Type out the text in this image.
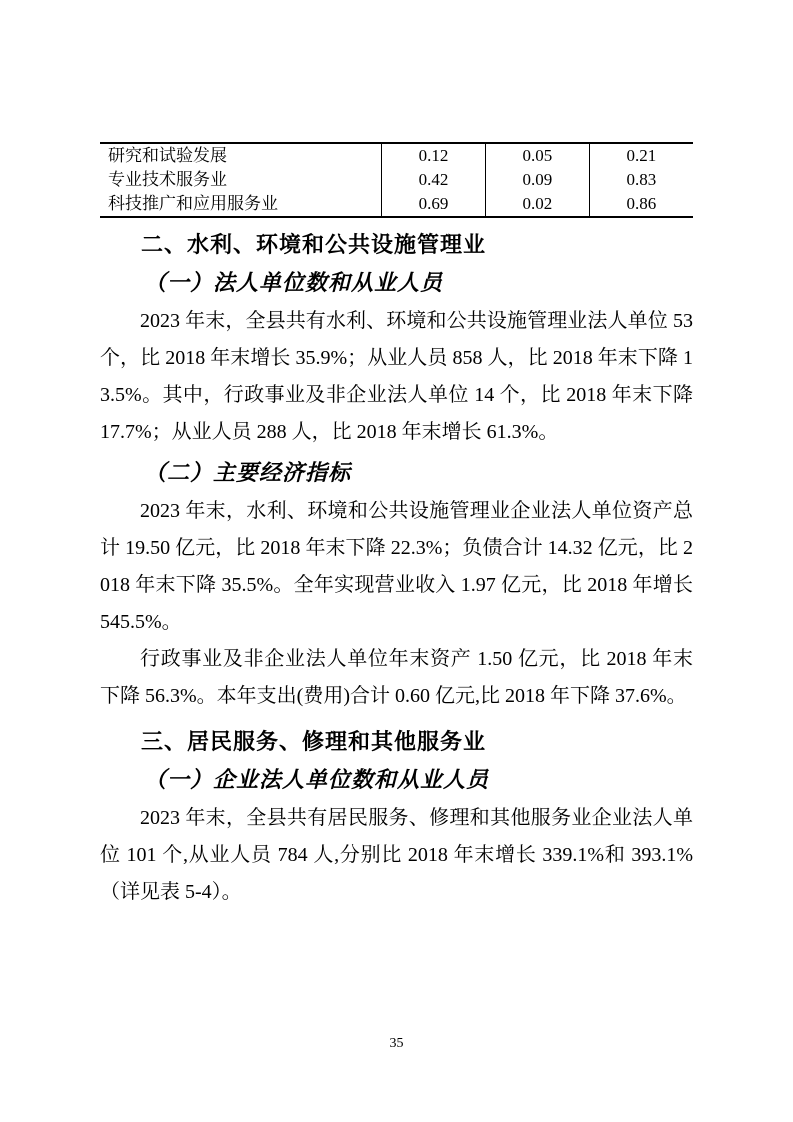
研究和试验发展	0.12	0.05	0.21
专业技术服务业	0.42	0.09	0.83
科技推广和应用服务业	0.69	0.02	0.86
二、水利、环境和公共设施管理业
（一）法人单位数和从业人员

2023 年末，全县共有水利、环境和公共设施管理业法人单位 53 个，比 2018 年末增长 35.9%；从业人员 858 人，比 2018 年末下降 13.5%。其中，行政事业及非企业法人单位 14 个，比 2018 年末下降 17.7%；从业人员 288 人，比 2018 年末增长 61.3%。

（二）主要经济指标

2023 年末，水利、环境和公共设施管理业企业法人单位资产总计 19.50 亿元，比 2018 年末下降 22.3%；负债合计 14.32 亿元，比 2018 年末下降 35.5%。全年实现营业收入 1.97 亿元，比 2018 年增长 545.5%。

行政事业及非企业法人单位年末资产 1.50 亿元，比 2018 年末下降 56.3%。本年支出(费用)合计 0.60 亿元,比 2018 年下降 37.6%。

三、居民服务、修理和其他服务业
（一）企业法人单位数和从业人员

2023 年末，全县共有居民服务、修理和其他服务业企业法人单位 101 个,从业人员 784 人,分别比 2018 年末增长 339.1%和 393.1%（详见表 5-4）。

35
